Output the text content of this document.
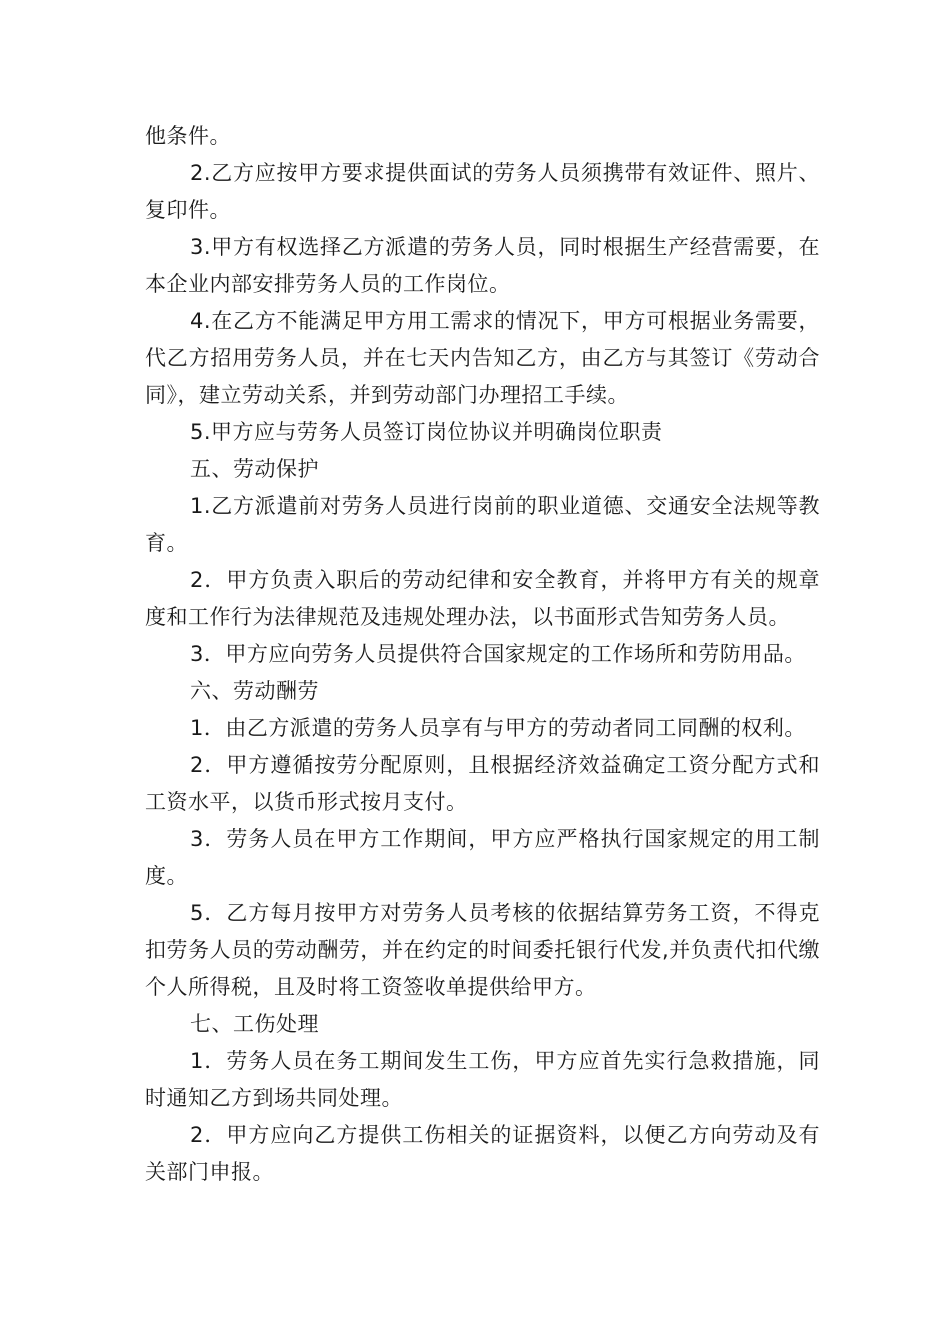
他条件。

2.乙方应按甲方要求提供面试的劳务人员须携带有效证件、照片、复印件。

3.甲方有权选择乙方派遣的劳务人员，同时根据生产经营需要，在本企业内部安排劳务人员的工作岗位。

4.在乙方不能满足甲方用工需求的情况下，甲方可根据业务需要，代乙方招用劳务人员，并在七天内告知乙方，由乙方与其签订《劳动合同》，建立劳动关系，并到劳动部门办理招工手续。

5.甲方应与劳务人员签订岗位协议并明确岗位职责

五、劳动保护

1.乙方派遣前对劳务人员进行岗前的职业道德、交通安全法规等教育。

2．甲方负责入职后的劳动纪律和安全教育，并将甲方有关的规章度和工作行为法律规范及违规处理办法，以书面形式告知劳务人员。

3．甲方应向劳务人员提供符合国家规定的工作场所和劳防用品。

六、劳动酬劳

1．由乙方派遣的劳务人员享有与甲方的劳动者同工同酬的权利。

2．甲方遵循按劳分配原则，且根据经济效益确定工资分配方式和工资水平，以货币形式按月支付。

3．劳务人员在甲方工作期间，甲方应严格执行国家规定的用工制度。

5．乙方每月按甲方对劳务人员考核的依据结算劳务工资，不得克扣劳务人员的劳动酬劳，并在约定的时间委托银行代发,并负责代扣代缴个人所得税，且及时将工资签收单提供给甲方。

七、工伤处理

1．劳务人员在务工期间发生工伤，甲方应首先实行急救措施，同时通知乙方到场共同处理。

2．甲方应向乙方提供工伤相关的证据资料，以便乙方向劳动及有关部门申报。
